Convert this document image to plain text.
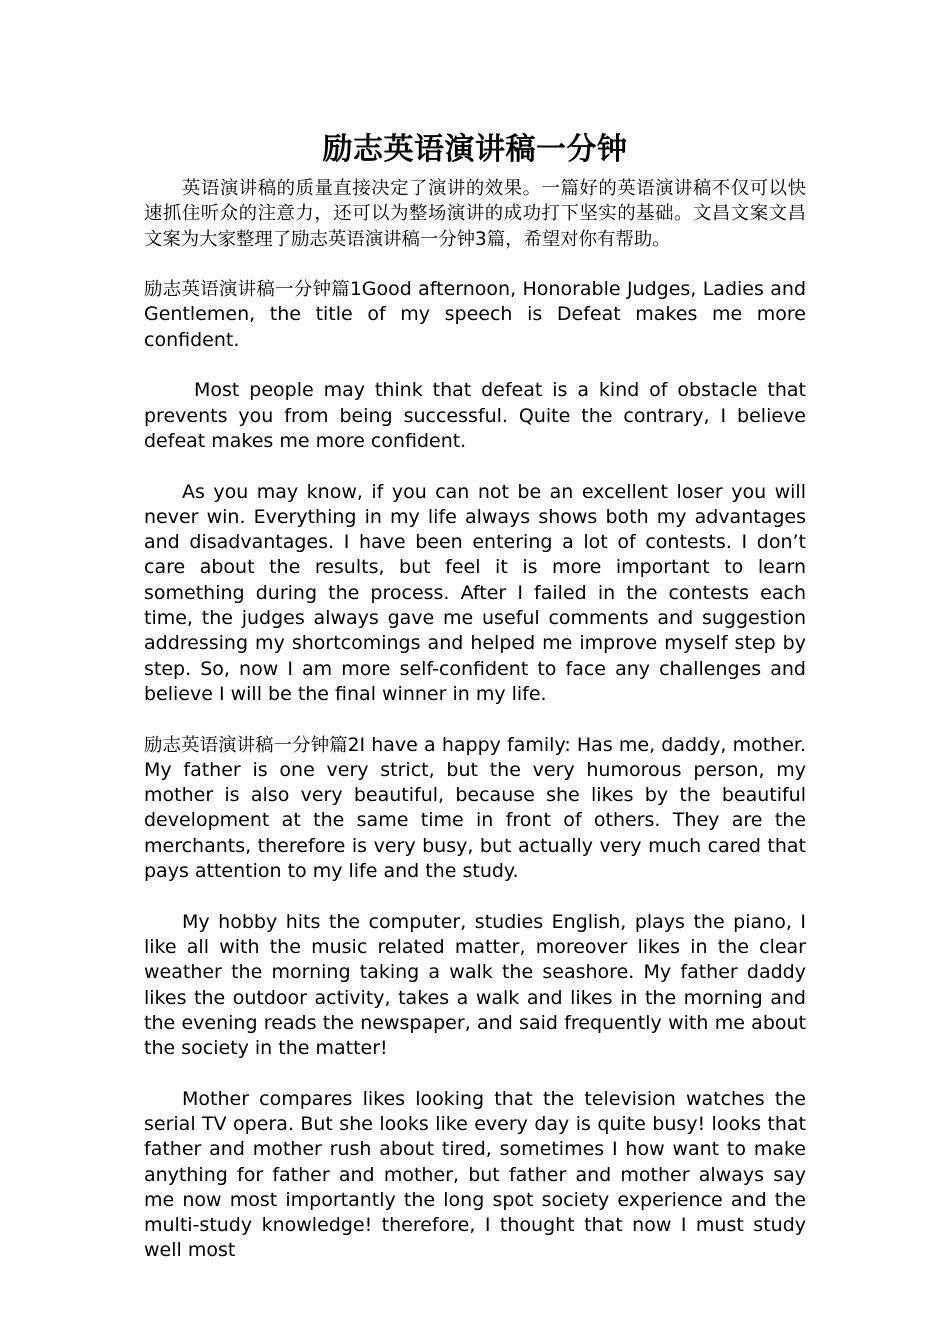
励志英语演讲稿一分钟

英语演讲稿的质量直接决定了演讲的效果。一篇好的英语演讲稿不仅可以快速抓住听众的注意力，还可以为整场演讲的成功打下坚实的基础。文昌文案文昌文案为大家整理了励志英语演讲稿一分钟3篇，希望对你有帮助。

励志英语演讲稿一分钟篇1Good afternoon, Honorable Judges, Ladies and Gentlemen, the title of my speech is Defeat makes me more confident.

Most people may think that defeat is a kind of obstacle that prevents you from being successful. Quite the contrary, I believe defeat makes me more confident.

As you may know, if you can not be an excellent loser you will never win. Everything in my life always shows both my advantages and disadvantages. I have been entering a lot of contests. I don’t care about the results, but feel it is more important to learn something during the process. After I failed in the contests each time, the judges always gave me useful comments and suggestion addressing my shortcomings and helped me improve myself step by step. So, now I am more self-confident to face any challenges and believe I will be the final winner in my life.

励志英语演讲稿一分钟篇2I have a happy family: Has me, daddy, mother. My father is one very strict, but the very humorous person, my mother is also very beautiful, because she likes by the beautiful development at the same time in front of others. They are the merchants, therefore is very busy, but actually very much cared that pays attention to my life and the study.

My hobby hits the computer, studies English, plays the piano, I like all with the music related matter, moreover likes in the clear weather the morning taking a walk the seashore. My father daddy likes the outdoor activity, takes a walk and likes in the morning and the evening reads the newspaper, and said frequently with me about the society in the matter!

Mother compares likes looking that the television watches the serial TV opera. But she looks like every day is quite busy! looks that father and mother rush about tired, sometimes I how want to make anything for father and mother, but father and mother always say me now most importantly the long spot society experience and the multi-study knowledge! therefore, I thought that now I must study well most
